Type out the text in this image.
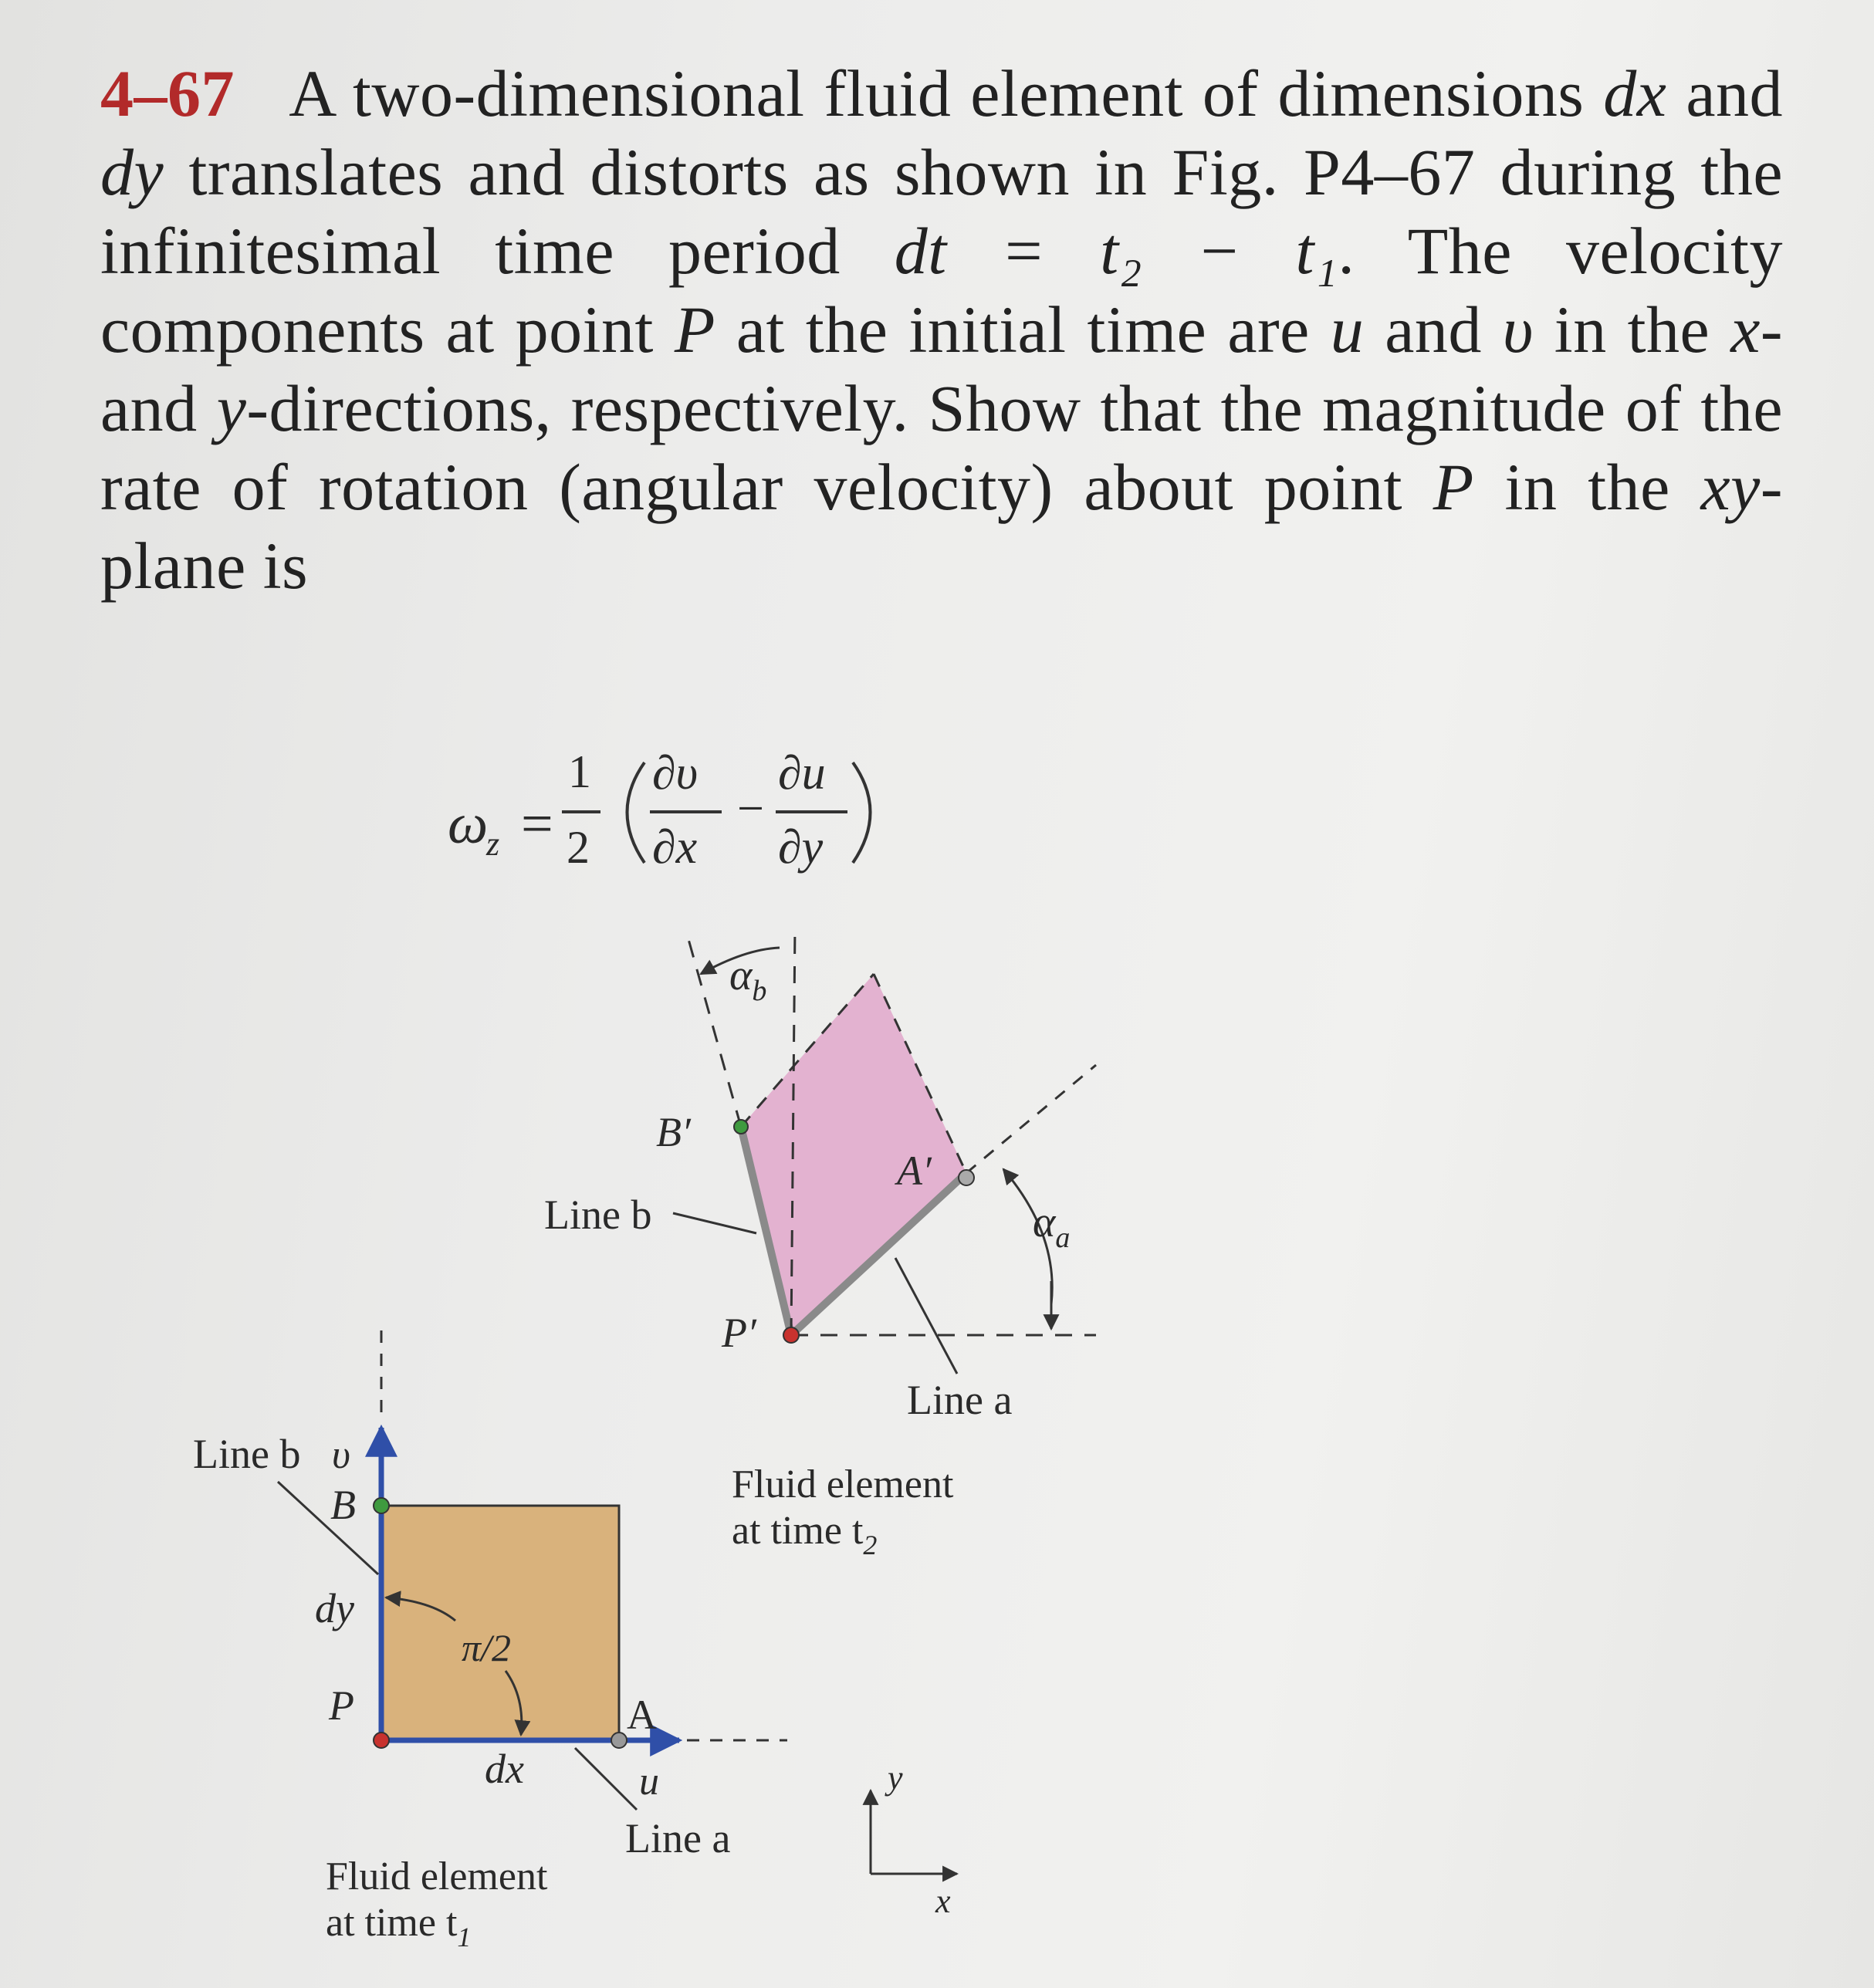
4–67 A two-dimensional fluid element of dimensions dx and dy translates and distorts as shown in Fig. P4–67 during the infinitesimal time period dt = t₂ − t₁. The velocity components at point P at the initial time are u and υ in the x- and y-directions, respectively. Show that the magnitude of the rate of rotation (angular velocity) about point P in the xy-plane is
ω
z =
1
2
∂υ
∂x
−
∂u
∂y
Line b υ
B
dy
π/2
P	A
dx	u
Line a
Fluid element
at time $t_1$
Line b
B′
A′
P′
$\alpha_b$
$\alpha_a$
Line a
Fluid element
at time $t_2$
y
x
